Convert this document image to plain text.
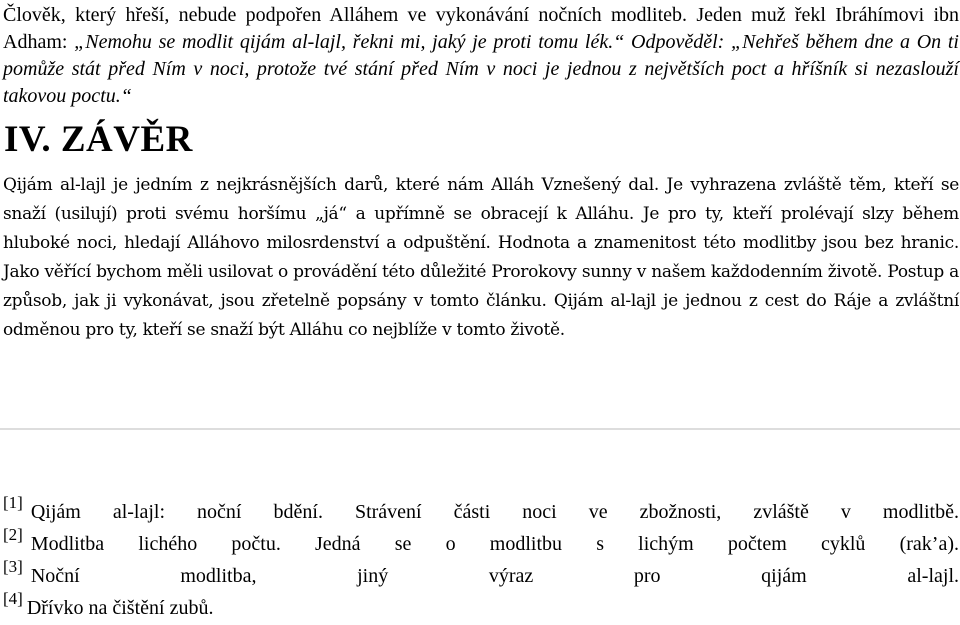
Člověk, který hřeší, nebude podpořen Alláhem ve vykonávání nočních modliteb. Jeden muž řekl Ibráhímovi ibn Adham: „Nemohu se modlit qijám al-lajl, řekni mi, jaký je proti tomu lék.“ Odpověděl: „Nehřeš během dne a On ti pomůže stát před Ním v noci, protože tvé stání před Ním v noci je jednou z největších poct a hříšník si nezaslouží takovou poctu.“

IV. ZÁVĚR

Qijám al-lajl je jedním z nejkrásnějších darů, které nám Alláh Vznešený dal. Je vyhrazena zvláště těm, kteří se snaží (usilují) proti svému horšímu „já“ a upřímně se obracejí k Alláhu. Je pro ty, kteří prolévají slzy během hluboké noci, hledají Alláhovo milosrdenství a odpuštění. Hodnota a znamenitost této modlitby jsou bez hranic. Jako věřící bychom měli usilovat o provádění této důležité Prorokovy sunny v našem každodenním životě. Postup a způsob, jak ji vykonávat, jsou zřetelně popsány v tomto článku. Qijám al-lajl je jednou z cest do Ráje a zvláštní odměnou pro ty, kteří se snaží být Alláhu co nejblíže v tomto životě.

[1] Qijám al-lajl: noční bdění. Strávení části noci ve zbožnosti, zvláště v modlitbě.
[2] Modlitba lichého počtu. Jedná se o modlitbu s lichým počtem cyklů (rak’a).
[3] Noční modlitba, jiný výraz pro qijám al-lajl.
[4] Dřívko na čištění zubů.
